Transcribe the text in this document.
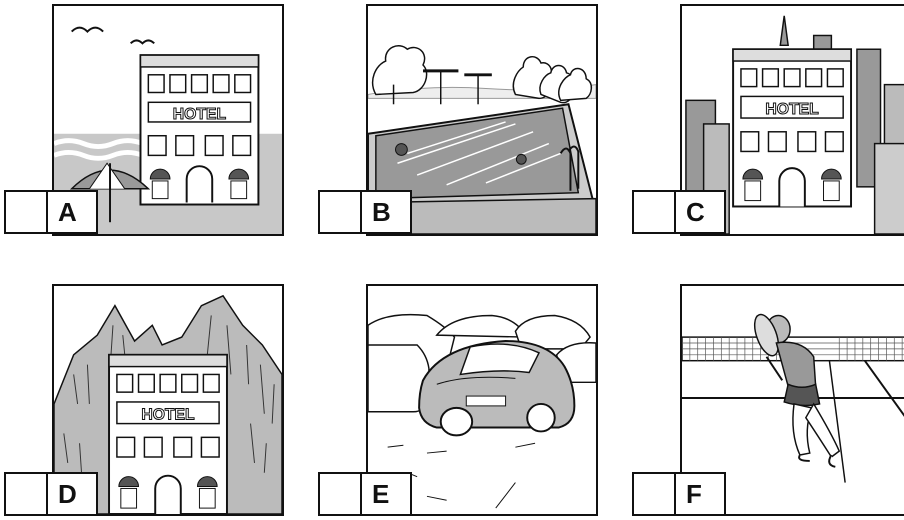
HOTEL
A	B
HOTEL
C
HOTEL
D	E	F
